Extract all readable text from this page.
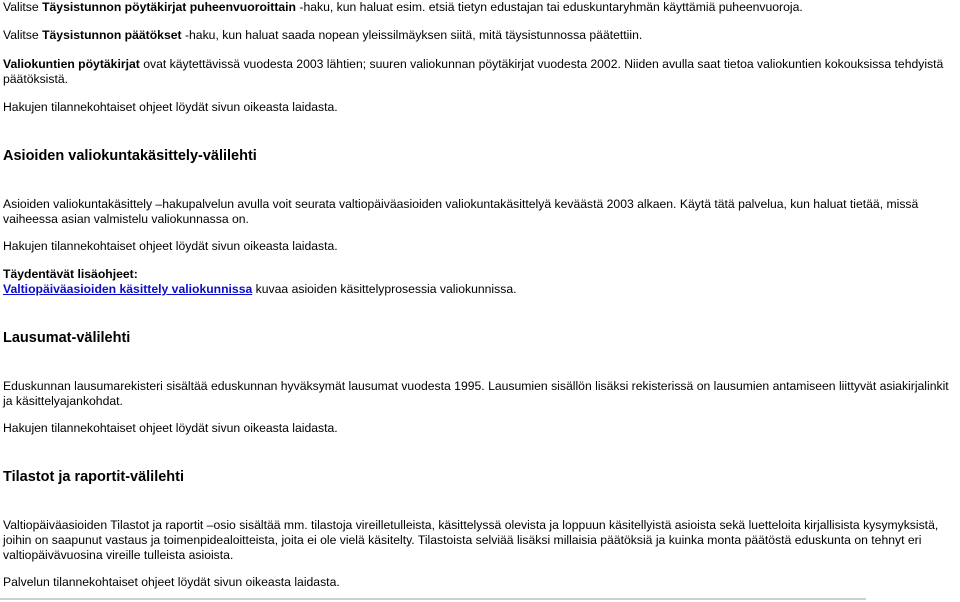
Valitse Täysistunnon pöytäkirjat puheenvuoroittain -haku, kun haluat esim. etsiä tietyn edustajan tai eduskuntaryhmän käyttämiä puheenvuoroja.
Valitse Täysistunnon päätökset -haku, kun haluat saada nopean yleissilmäyksen siitä, mitä täysistunnossa päätettiin.
Valiokuntien pöytäkirjat ovat käytettävissä vuodesta 2003 lähtien; suuren valiokunnan pöytäkirjat vuodesta 2002. Niiden avulla saat tietoa valiokuntien kokouksissa tehdyistä päätöksistä.
Hakujen tilannekohtaiset ohjeet löydät sivun oikeasta laidasta.
Asioiden valiokuntakäsittely-välilehti
Asioiden valiokuntakäsittely –hakupalvelun avulla voit seurata valtiopäiväasioiden valiokuntakäsittelyä keväästä 2003 alkaen. Käytä tätä palvelua, kun haluat tietää, missä vaiheessa asian valmistelu valiokunnassa on.
Hakujen tilannekohtaiset ohjeet löydät sivun oikeasta laidasta.
Täydentävät lisäohjeet:
Valtiopäiväasioiden käsittely valiokunnissa kuvaa asioiden käsittelyprosessia valiokunnissa.
Lausumat-välilehti
Eduskunnan lausumarekisteri sisältää eduskunnan hyväksymät lausumat vuodesta 1995. Lausumien sisällön lisäksi rekisterissä on lausumien antamiseen liittyvät asiakirjalinkit ja käsittelyajankohdat.
Hakujen tilannekohtaiset ohjeet löydät sivun oikeasta laidasta.
Tilastot ja raportit-välilehti
Valtiopäiväasioiden Tilastot ja raportit –osio sisältää mm. tilastoja vireilletulleista, käsittelyssä olevista ja loppuun käsitellyistä asioista sekä luetteloita kirjallisista kysymyksistä, joihin on saapunut vastaus ja toimenpidealoitteista, joita ei ole vielä käsitelty. Tilastoista selviää lisäksi millaisia päätöksiä ja kuinka monta päätöstä eduskunta on tehnyt eri valtiopäivävuosina vireille tulleista asioista.
Palvelun tilannekohtaiset ohjeet löydät sivun oikeasta laidasta.
